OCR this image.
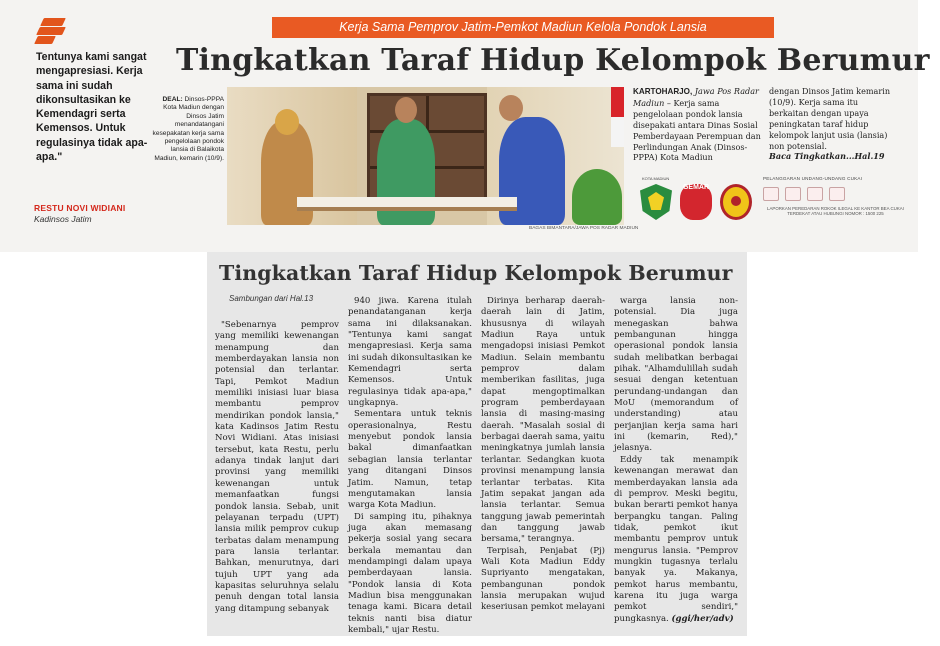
Tentunya kami sangat mengapresiasi. Kerja sama ini sudah dikonsultasikan ke Kemendagri serta Kemensos. Untuk regulasinya tidak apa-apa."
RESTU NOVI WIDIANI
Kadinsos Jatim
Kerja Sama Pemprov Jatim-Pemkot Madiun Kelola Pondok Lansia
Tingkatkan Taraf Hidup Kelompok Berumur
DEAL: Dinsos-PPPA Kota Madiun dengan Dinsos Jatim menandatangani kesepakatan kerja sama pengelolaan pondok lansia di Balaikota Madiun, kemarin (10/9).
BAGAS BIMANTARA/JAWA POS RADAR MADIUN
KARTOHARJO, Jawa Pos Radar Madiun – Kerja sama pengelolaan pondok lansia disepakati antara Dinas Sosial Pemberdayaan Perempuan dan Perlindungan Anak (Dinsos-PPPA) Kota Madiun
dengan Dinsos Jatim kemarin (10/9). Kerja sama itu berkaitan dengan upaya peningkatan taraf hidup kelompok lanjut usia (lansia) non potensial.
Baca Tingkatkan...Hal.19
KOTA MADIUN
GEMAR
PELANGGARAN UNDANG-UNDANG CUKAI
LAPORKAN PEREDARAN ROKOK ILEGAL KE KANTOR BEA CUKAI TERDEKAT ATAU HUBUNGI NOMOR : 1500 225
Tingkatkan Taraf Hidup Kelompok Berumur
Sambungan dari Hal.13

"Sebenarnya pemprov yang memiliki kewenangan menampung dan memberdayakan lansia non potensial dan terlantar. Tapi, Pemkot Madiun memiliki inisiasi luar biasa membantu pemprov mendirikan pondok lansia," kata Kadinsos Jatim Restu Novi Widiani. Atas inisiasi tersebut, kata Restu, perlu adanya tindak lanjut dari provinsi yang memiliki kewenangan untuk memanfaatkan fungsi pondok lansia. Sebab, unit pelayanan terpadu (UPT) lansia milik pemprov cukup terbatas dalam menampung para lansia terlantar. Bahkan, menurutnya, dari tujuh UPT yang ada kapasitas seluruhnya selalu penuh dengan total lansia yang ditampung sebanyak

940 jiwa. Karena itulah penandatanganan kerja sama ini dilaksanakan. "Tentunya kami sangat mengapresiasi. Kerja sama ini sudah dikonsultasikan ke Kemendagri serta Kemensos. Untuk regulasinya tidak apa-apa," ungkapnya.

Sementara untuk teknis operasionalnya, Restu menyebut pondok lansia bakal dimanfaatkan sebagian lansia terlantar yang ditangani Dinsos Jatim. Namun, tetap mengutamakan lansia warga Kota Madiun.

Di samping itu, pihaknya juga akan memasang pekerja sosial yang secara berkala memantau dan mendampingi dalam upaya pemberdayaan lansia. "Pondok lansia di Kota Madiun bisa menggunakan tenaga kami. Bicara detail teknis nanti bisa diatur kembali," ujar Restu.

Dirinya berharap daerah-daerah lain di Jatim, khususnya di wilayah Madiun Raya untuk mengadopsi inisiasi Pemkot Madiun. Selain membantu pemprov dalam memberikan fasilitas, juga dapat mengoptimalkan program pemberdayaan lansia di masing-masing daerah. "Masalah sosial di berbagai daerah sama, yaitu meningkatnya jumlah lansia terlantar. Sedangkan kuota provinsi menampung lansia terlantar terbatas. Kita Jatim sepakat jangan ada lansia terlantar. Semua tanggung jawab pemerintah dan tanggung jawab bersama," terangnya.

Terpisah, Penjabat (Pj) Wali Kota Madiun Eddy Supriyanto mengatakan, pembangunan pondok lansia merupakan wujud keseriusan pemkot melayani

warga lansia non-potensial. Dia juga menegaskan bahwa pembangunan hingga operasional pondok lansia sudah melibatkan berbagai pihak. "Alhamdulillah sudah sesuai dengan ketentuan perundang-undangan dan MoU (memorandum of understanding) atau perjanjian kerja sama hari ini (kemarin, Red)," jelasnya.

Eddy tak menampik kewenangan merawat dan memberdayakan lansia ada di pemprov. Meski begitu, bukan berarti pemkot hanya berpangku tangan. Paling tidak, pemkot ikut membantu pemprov untuk mengurus lansia. "Pemprov mungkin tugasnya terlalu banyak ya. Makanya, pemkot harus membantu, karena itu juga warga pemkot sendiri," pungkasnya. (ggi/her/adv)
